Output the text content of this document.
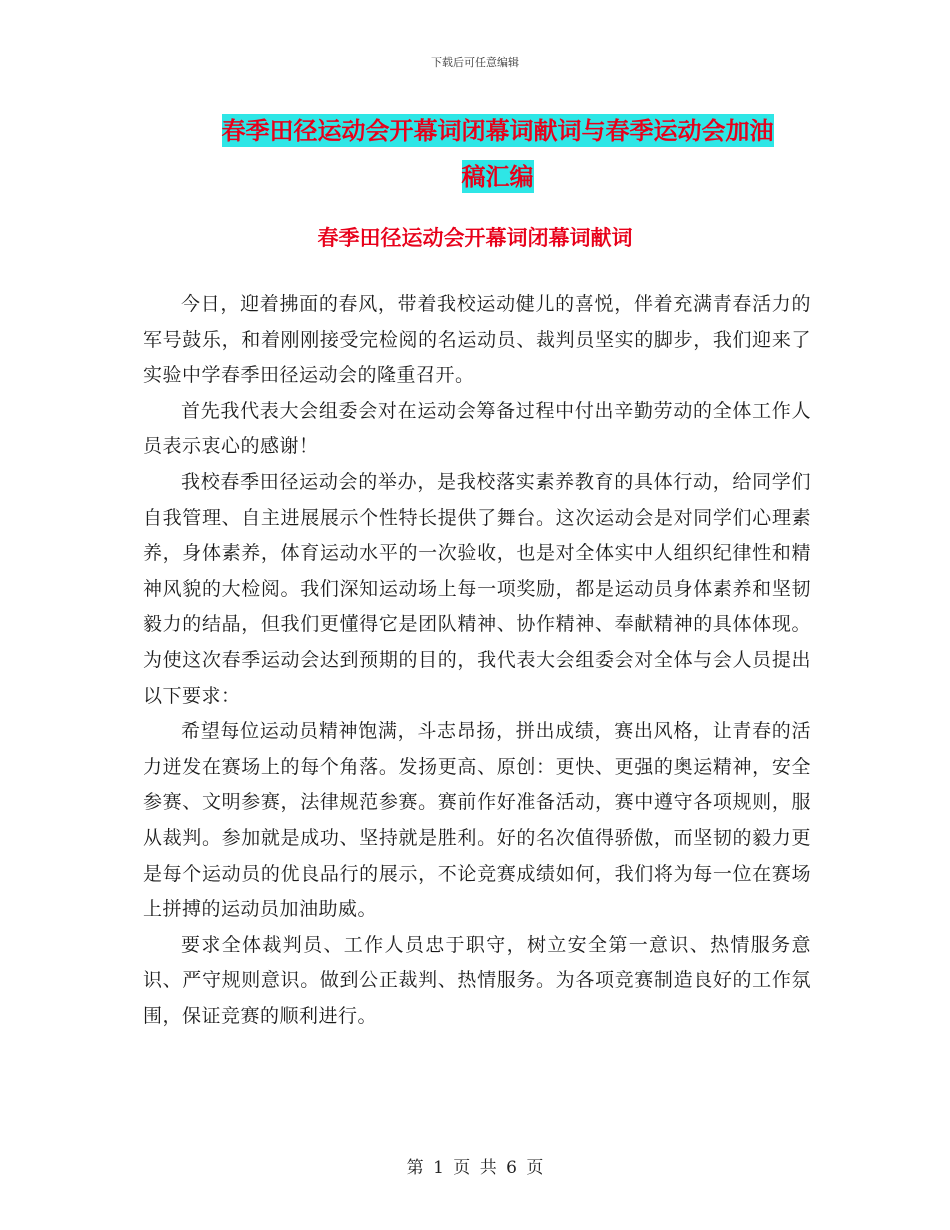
下载后可任意编辑
春季田径运动会开幕词闭幕词献词与春季运动会加油
稿汇编
春季田径运动会开幕词闭幕词献词

今日，迎着拂面的春风，带着我校运动健儿的喜悦，伴着充满青春活力的军号鼓乐，和着刚刚接受完检阅的名运动员、裁判员坚实的脚步，我们迎来了实验中学春季田径运动会的隆重召开。

首先我代表大会组委会对在运动会筹备过程中付出辛勤劳动的全体工作人员表示衷心的感谢！

我校春季田径运动会的举办，是我校落实素养教育的具体行动，给同学们自我管理、自主进展展示个性特长提供了舞台。这次运动会是对同学们心理素养，身体素养，体育运动水平的一次验收，也是对全体实中人组织纪律性和精神风貌的大检阅。我们深知运动场上每一项奖励，都是运动员身体素养和坚韧毅力的结晶，但我们更懂得它是团队精神、协作精神、奉献精神的具体体现。为使这次春季运动会达到预期的目的，我代表大会组委会对全体与会人员提出以下要求：

希望每位运动员精神饱满，斗志昂扬，拼出成绩，赛出风格，让青春的活力迸发在赛场上的每个角落。发扬更高、原创：更快、更强的奥运精神，安全参赛、文明参赛，法律规范参赛。赛前作好准备活动，赛中遵守各项规则，服从裁判。参加就是成功、坚持就是胜利。好的名次值得骄傲，而坚韧的毅力更是每个运动员的优良品行的展示，不论竞赛成绩如何，我们将为每一位在赛场上拼搏的运动员加油助威。

要求全体裁判员、工作人员忠于职守，树立安全第一意识、热情服务意识、严守规则意识。做到公正裁判、热情服务。为各项竞赛制造良好的工作氛围，保证竞赛的顺利进行。

第 1 页 共 6 页
